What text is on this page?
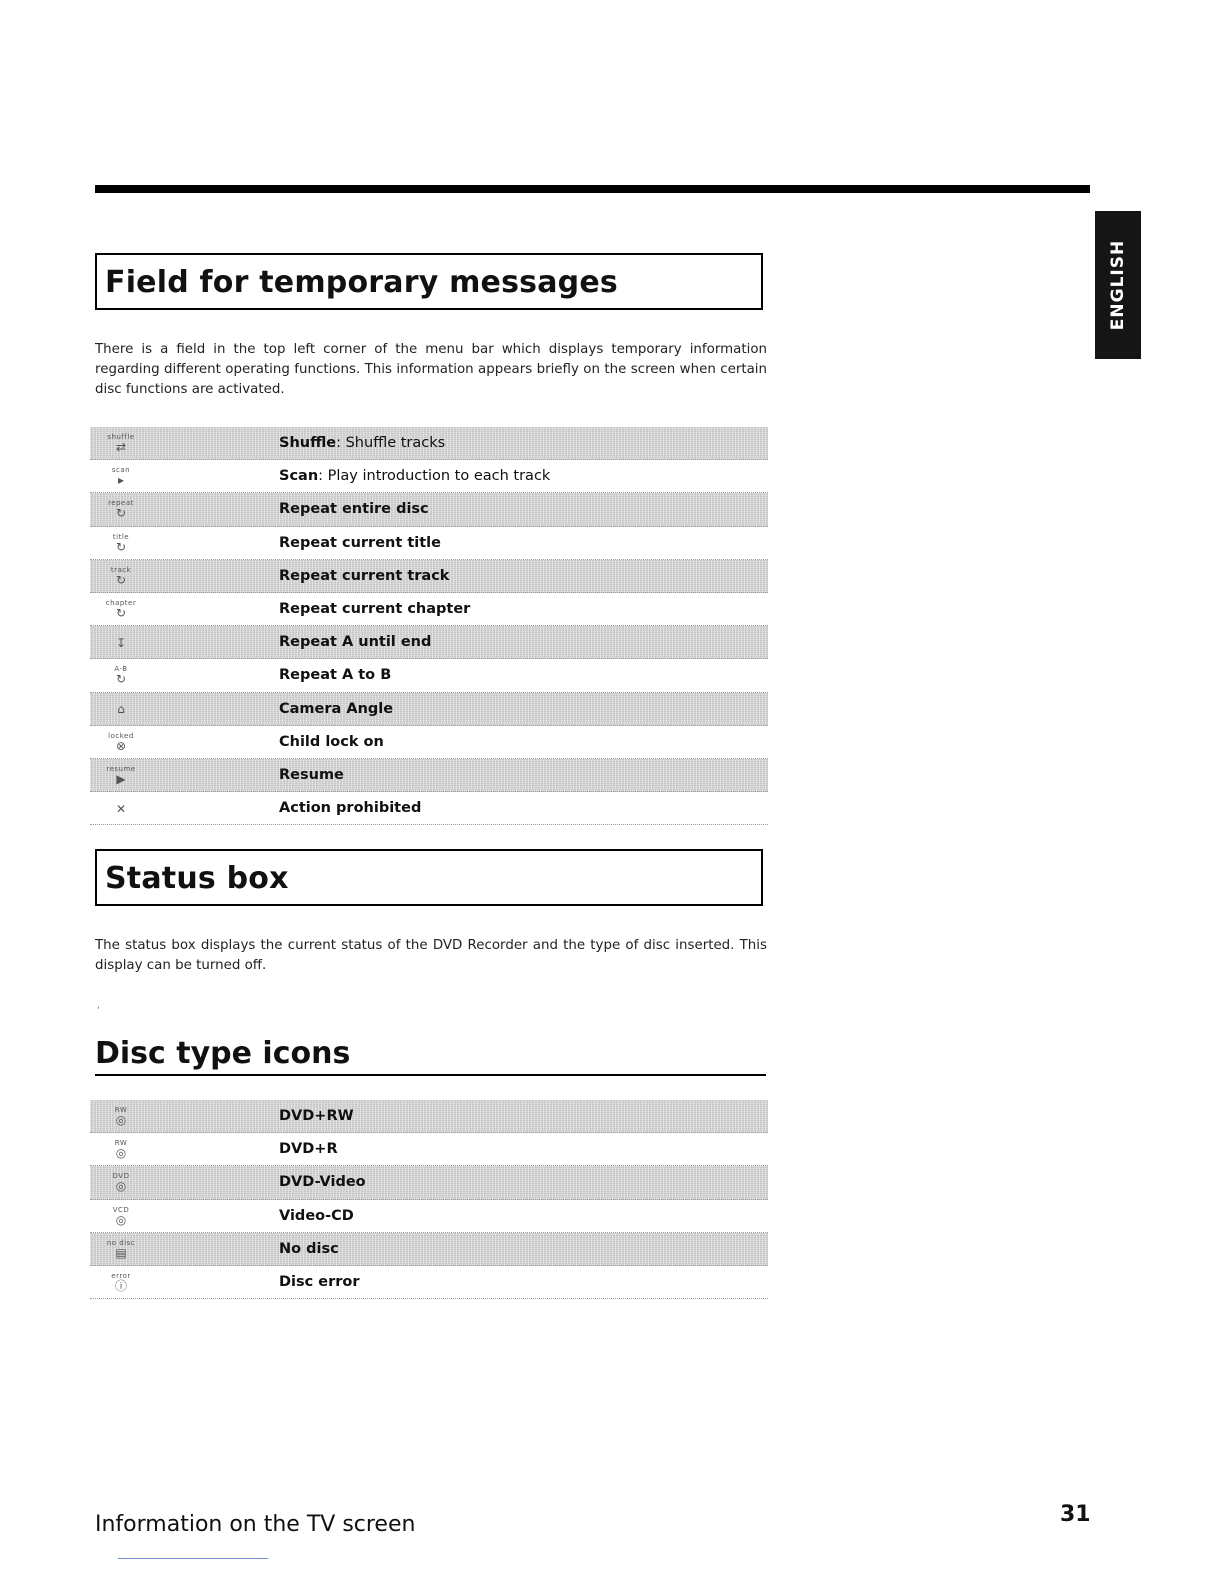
ENGLISH
Field for temporary messages

There is a field in the top left corner of the menu bar which displays temporary information regarding different operating functions. This information appears briefly on the screen when certain disc functions are activated.

shuffle
⇄	Shuffle: Shuffle tracks
scan
▸	Scan: Play introduction to each track
repeat
↻	Repeat entire disc
title
↻	Repeat current title
track
↻	Repeat current track
chapter
↻	Repeat current chapter
↧	Repeat A until end
A-B
↻	Repeat A to B
⌂	Camera Angle
locked
⊗	Child lock on
resume
▶	Resume
✕	Action prohibited
Status box

The status box displays the current status of the DVD Recorder and the type of disc inserted. This display can be turned off.

‘
Disc type icons
RW
◎	DVD+RW
RW
◎	DVD+R
DVD
◎	DVD-Video
VCD
◎	Video-CD
no disc
▤	No disc
error
ⓘ	Disc error
Information on the TV screen	31
